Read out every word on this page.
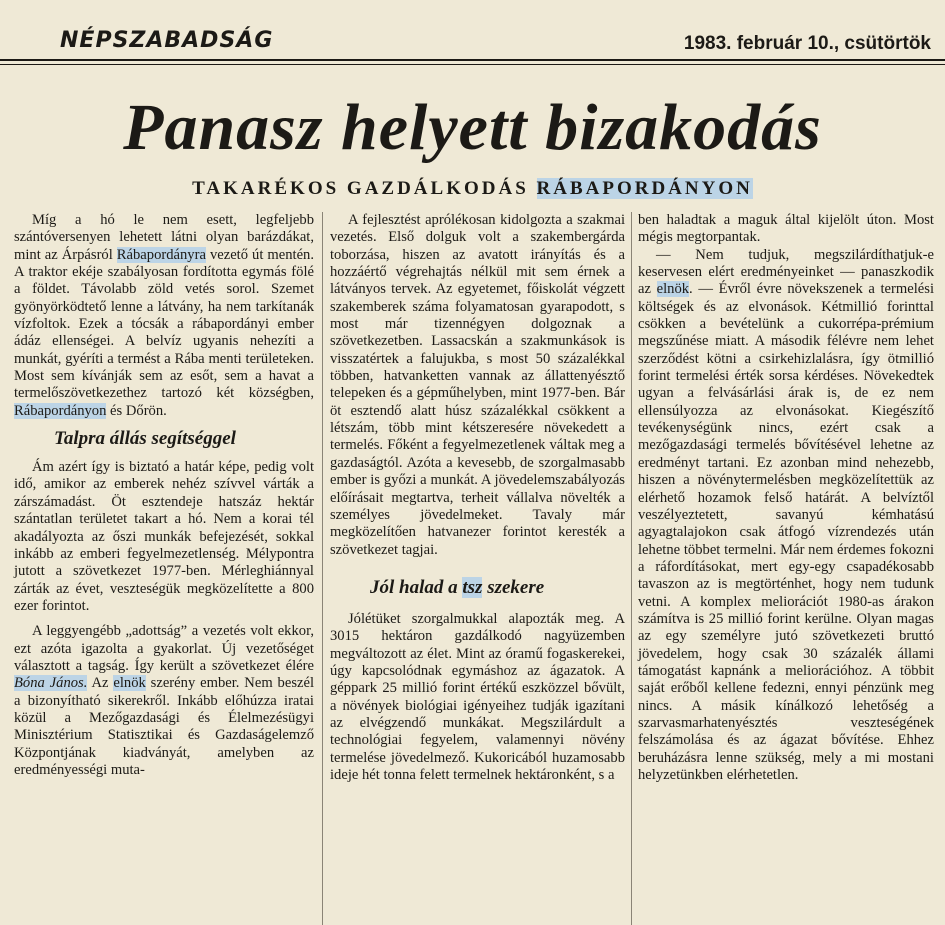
NÉPSZABADSÁG	1983. február 10., csütörtök
Panasz helyett bizakodás
TAKARÉKOS GAZDÁLKODÁS RÁBAPORDÁNYON

Míg a hó le nem esett, legfeljebb szántóversenyen lehetett látni olyan barázdákat, mint az Árpásról Rábapordányra vezető út mentén. A traktor ekéje szabályosan fordította egymás fölé a földet. Távolabb zöld vetés sorol. Szemet gyönyörködtető lenne a látvány, ha nem tarkítanák vízfoltok. Ezek a tócsák a rábapordányi ember ádáz ellenségei. A belvíz ugyanis nehezíti a munkát, gyéríti a termést a Rába menti területeken. Most sem kívánják sem az esőt, sem a havat a termelőszövetkezethez tartozó két községben, Rábapordányon és Dőrön.

Talpra állás segítséggel

Ám azért így is biztató a határ képe, pedig volt idő, amikor az emberek nehéz szívvel várták a zárszámadást. Öt esztendeje hatszáz hektár szántatlan területet takart a hó. Nem a korai tél akadályozta az őszi munkák befejezését, sokkal inkább az emberi fegyelmezetlenség. Mélypontra jutott a szövetkezet 1977-ben. Mérleghiánnyal zárták az évet, veszteségük megközelítette a 800 ezer forintot.

A leggyengébb „adottság” a vezetés volt ekkor, ezt azóta igazolta a gyakorlat. Új vezetőséget választott a tagság. Így került a szövetkezet élére Bóna János. Az elnök szerény ember. Nem beszél a bizonyítható sikerekről. Inkább előhúzza iratai közül a Mezőgazdasági és Élelmezésügyi Minisztérium Statisztikai és Gazdaságelemző Központjának kiadványát, amelyben az eredményességi muta-

A fejlesztést aprólékosan kidolgozta a szakmai vezetés. Első dolguk volt a szakembergárda toborzása, hiszen az avatott irányítás és a hozzáértő végrehajtás nélkül mit sem érnek a látványos tervek. Az egyetemet, főiskolát végzett szakemberek száma folyamatosan gyarapodott, s most már tizennégyen dolgoznak a szövetkezetben. Lassacskán a szakmunkások is visszatértek a falujukba, s most 50 százalékkal többen, hatvanketten vannak az állattenyésztő telepeken és a gépműhelyben, mint 1977-ben. Bár öt esztendő alatt húsz százalékkal csökkent a létszám, több mint kétszeresére növekedett a termelés. Főként a fegyelmezetlenek váltak meg a gazdaságtól. Azóta a kevesebb, de szorgalmasabb ember is győzi a munkát. A jövedelemszabályozás előírásait megtartva, terheit vállalva növelték a személyes jövedelmeket. Tavaly már megközelítően hatvanezer forintot keresték a szövetkezet tagjai.

Jól halad a tsz szekere

Jólétüket szorgalmukkal alapozták meg. A 3015 hektáron gazdálkodó nagyüzemben megváltozott az élet. Mint az óramű fogaskerekei, úgy kapcsolódnak egymáshoz az ágazatok. A géppark 25 millió forint értékű eszközzel bővült, a növények biológiai igényeihez tudják igazítani az elvégzendő munkákat. Megszilárdult a technológiai fegyelem, valamennyi növény termelése jövedelmező. Kukoricából huzamosabb ideje hét tonna felett termelnek hektáronként, s a

ben haladtak a maguk által kijelölt úton. Most mégis megtorpantak.

— Nem tudjuk, megszilárdíthatjuk-e keservesen elért eredményeinket — panaszkodik az elnök. — Évről évre növekszenek a termelési költségek és az elvonások. Kétmillió forinttal csökken a bevételünk a cukorrépa-prémium megszűnése miatt. A második félévre nem lehet szerződést kötni a csirkehizlalásra, így ötmillió forint termelési érték sorsa kérdéses. Növekedtek ugyan a felvásárlási árak is, de ez nem ellensúlyozza az elvonásokat. Kiegészítő tevékenységünk nincs, ezért csak a mezőgazdasági termelés bővítésével lehetne az eredményt tartani. Ez azonban mind nehezebb, hiszen a növénytermelésben megközelítettük az elérhető hozamok felső határát. A belvíztől veszélyeztetett, savanyú kémhatású agyagtalajokon csak átfogó vízrendezés után lehetne többet termelni. Már nem érdemes fokozni a ráfordításokat, mert egy-egy csapadékosabb tavaszon az is megtörténhet, hogy nem tudunk vetni. A komplex meliorációt 1980-as árakon számítva is 25 millió forint kerülne. Olyan magas az egy személyre jutó szövetkezeti bruttó jövedelem, hogy csak 30 százalék állami támogatást kapnánk a meliorációhoz. A többit saját erőből kellene fedezni, ennyi pénzünk meg nincs. A másik kínálkozó lehetőség a szarvasmarhatenyésztés veszteségének felszámolása és az ágazat bővítése. Ehhez beruházásra lenne szükség, mely a mi mostani helyzetünkben elérhetetlen.
